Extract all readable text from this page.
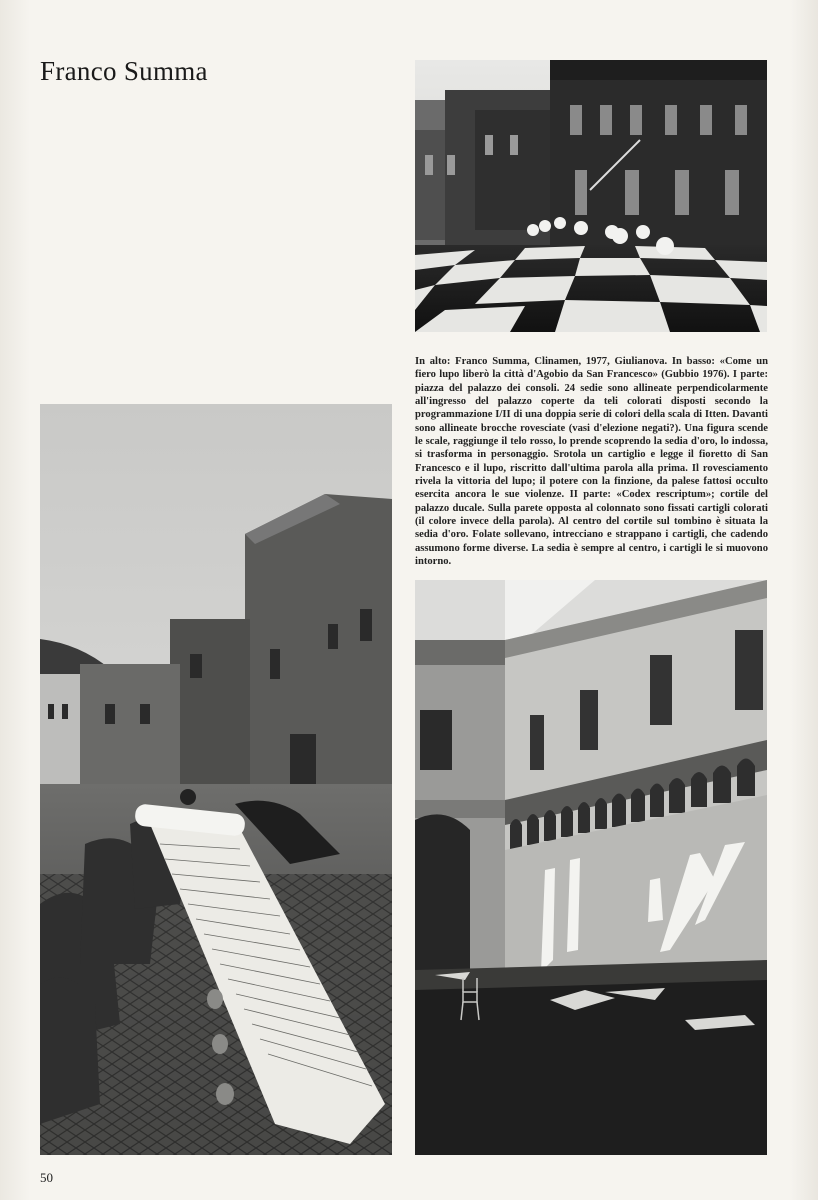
Franco Summa

In alto: Franco Summa, Clinamen, 1977, Giulianova. In basso: «Come un fiero lupo liberò la città d'Agobio da San Francesco» (Gubbio 1976). I parte: piazza del palazzo dei consoli. 24 sedie sono allineate perpendicolarmente all'ingresso del palazzo coperte da teli colorati disposti secondo la programmazione I/II di una doppia serie di colori della scala di Itten. Davanti sono allineate brocche rovesciate (vasi d'elezione negati?). Una figura scende le scale, raggiunge il telo rosso, lo prende scoprendo la sedia d'oro, lo indossa, si trasforma in personaggio. Srotola un cartiglio e legge il fioretto di San Francesco e il lupo, riscritto dall'ultima parola alla prima. Il rovesciamento rivela la vittoria del lupo; il potere con la finzione, da palese fattosi occulto esercita ancora le sue violenze. II parte: «Codex rescriptum»; cortile del palazzo ducale. Sulla parete opposta al colonnato sono fissati cartigli colorati (il colore invece della parola). Al centro del cortile sul tombino è situata la sedia d'oro. Folate sollevano, intrecciano e strappano i cartigli, che cadendo assumono forme diverse. La sedia è sempre al centro, i cartigli le si muovono intorno.

50
